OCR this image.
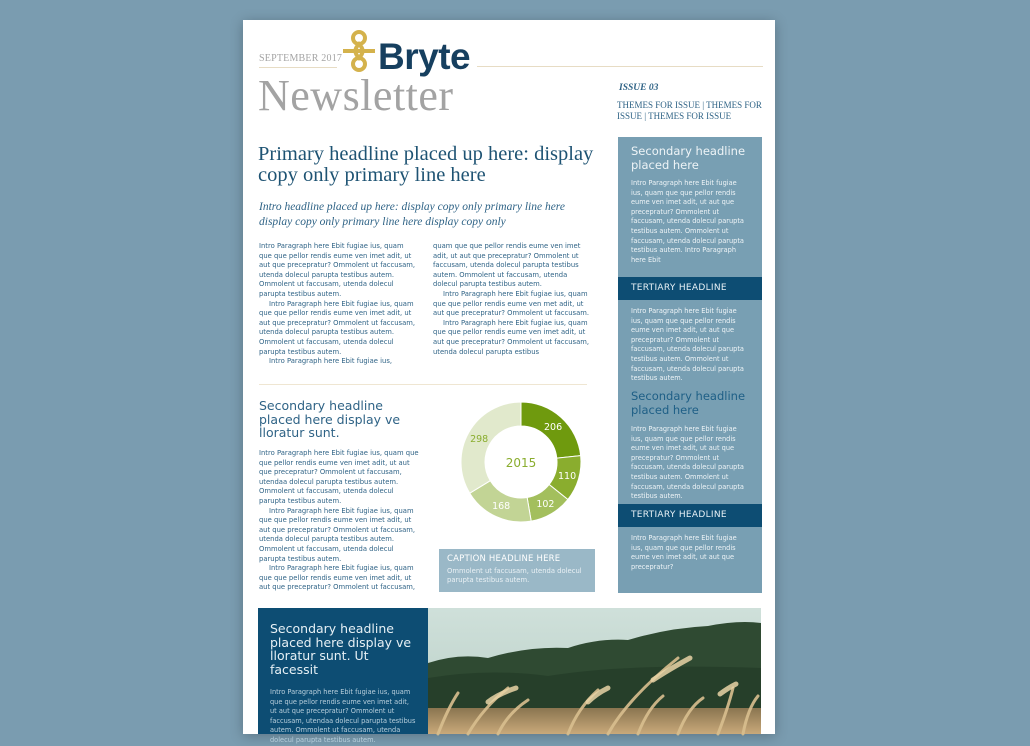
SEPTEMBER 2017 Bryte
Newsletter	ISSUE 03
THEMES FOR ISSUE | THEMES FOR ISSUE | THEMES FOR ISSUE
Primary headline placed up here: display copy only primary line here
Intro headline placed up here: display copy only primary line here display copy only primary line here display copy only

Intro Paragraph here Ebit fugiae ius, quam que que pellor rendis eume ven imet adit, ut aut que precepratur? Ommolent ut faccusam, utenda dolecul parupta testibus autem. Ommolent ut faccusam, utenda dolecul parupta testibus autem.

Intro Paragraph here Ebit fugiae ius, quam que que pellor rendis eume ven imet adit, ut aut que precepratur? Ommolent ut faccusam, utenda dolecul parupta testibus autem. Ommolent ut faccusam, utenda dolecul parupta testibus autem.

Intro Paragraph here Ebit fugiae ius,

quam que que pellor rendis eume ven imet adit, ut aut que precepratur? Ommolent ut faccusam, utenda dolecul parupta testibus autem. Ommolent ut faccusam, utenda dolecul parupta testibus autem.

Intro Paragraph here Ebit fugiae ius, quam que que pellor rendis eume ven met adit, ut aut que precepratur? Ommolent ut faccusam.

Intro Paragraph here Ebit fugiae ius, quam que que pellor rendis eume ven imet adit, ut aut que precepratur? Ommolent ut faccusam, utenda dolecul parupta estibus

Secondary headline placed here display ve lloratur sunt.

Intro Paragraph here Ebit fugiae ius, quam que que pellor rendis eume ven imet adit, ut aut que precepratur? Ommolent ut faccusam, utendaa dolecul parupta testibus autem. Ommolent ut faccusam, utenda dolecul parupta testibus autem.

Intro Paragraph here Ebit fugiae ius, quam que que pellor rendis eume ven imet adit, ut aut que precepratur? Ommolent ut faccusam, utenda dolecul parupta testibus autem. Ommolent ut faccusam, utenda dolecul parupta testibus autem.

Intro Paragraph here Ebit fugiae ius, quam que que pellor rendis eume ven imet adit, ut aut que precepratur? Ommolent ut faccusam,

206
110
102
168
298
2015
CAPTION HEADLINE HERE
Ommolent ut faccusam, utenda dolecul parupta testibus autem.
Secondary headline placed here
Intro Paragraph here Ebit fugiae ius, quam que que pellor rendis eume ven imet adit, ut aut que precepratur? Ommolent ut faccusam, utenda dolecul parupta testibus autem. Ommolent ut faccusam, utenda dolecul parupta testibus autem. Intro Paragraph here Ebit
TERTIARY HEADLINE
Intro Paragraph here Ebit fugiae ius, quam que que pellor rendis eume ven imet adit, ut aut que precepratur? Ommolent ut faccusam, utenda dolecul parupta testibus autem. Ommolent ut faccusam, utenda dolecul parupta testibus autem.
Secondary headline placed here
Intro Paragraph here Ebit fugiae ius, quam que que pellor rendis eume ven imet adit, ut aut que precepratur? Ommolent ut faccusam, utenda dolecul parupta testibus autem. Ommolent ut faccusam, utenda dolecul parupta testibus autem.
TERTIARY HEADLINE
Intro Paragraph here Ebit fugiae ius, quam que que pellor rendis eume ven imet adit, ut aut que precepratur?
Secondary headline placed here display ve lloratur sunt. Ut facessit
Intro Paragraph here Ebit fugiae ius, quam que que pellor rendis eume ven imet adit, ut aut que precepratur? Ommolent ut faccusam, utendaa dolecul parupta testibus autem. Ommolent ut faccusam, utenda dolecul parupta testibus autem.
